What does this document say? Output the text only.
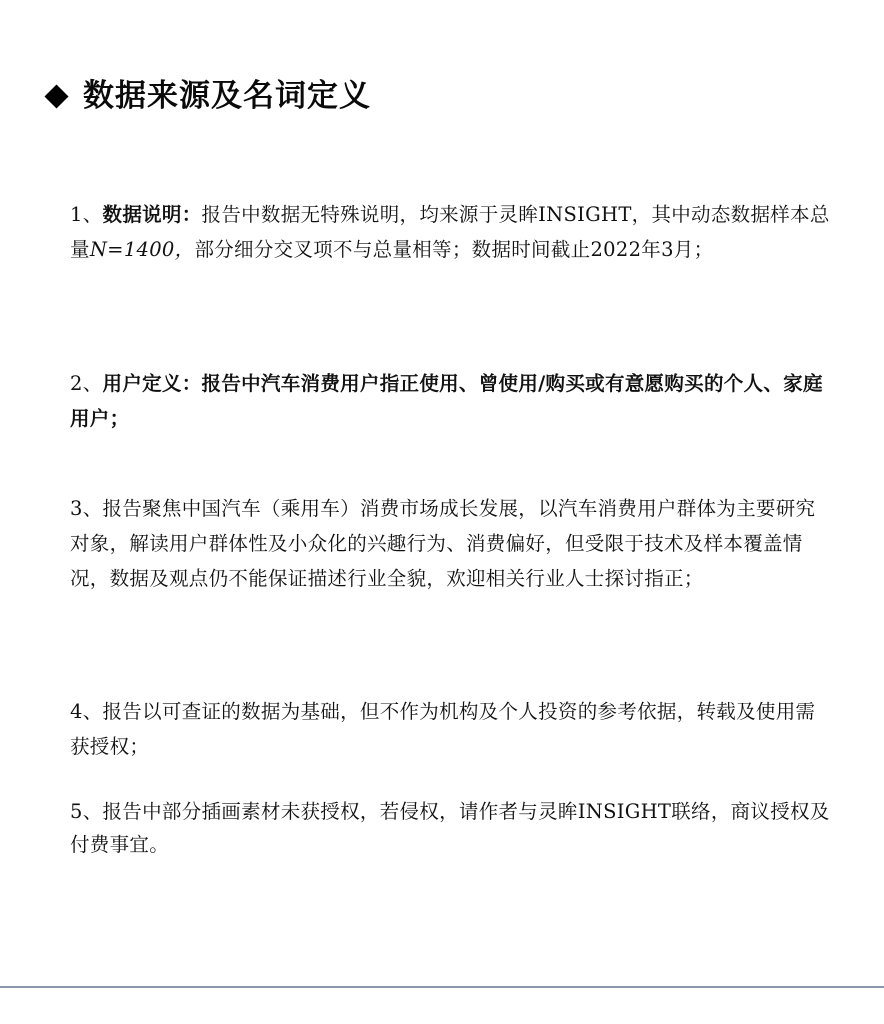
数据来源及名词定义
1、数据说明：报告中数据无特殊说明，均来源于灵眸INSIGHT，其中动态数据样本总量N=1400，部分细分交叉项不与总量相等；数据时间截止2022年3月；
2、用户定义：报告中汽车消费用户指正使用、曾使用/购买或有意愿购买的个人、家庭用户；
3、报告聚焦中国汽车（乘用车）消费市场成长发展，以汽车消费用户群体为主要研究对象，解读用户群体性及小众化的兴趣行为、消费偏好，但受限于技术及样本覆盖情况，数据及观点仍不能保证描述行业全貌，欢迎相关行业人士探讨指正；
4、报告以可查证的数据为基础，但不作为机构及个人投资的参考依据，转载及使用需获授权；
5、报告中部分插画素材未获授权，若侵权，请作者与灵眸INSIGHT联络，商议授权及付费事宜。
